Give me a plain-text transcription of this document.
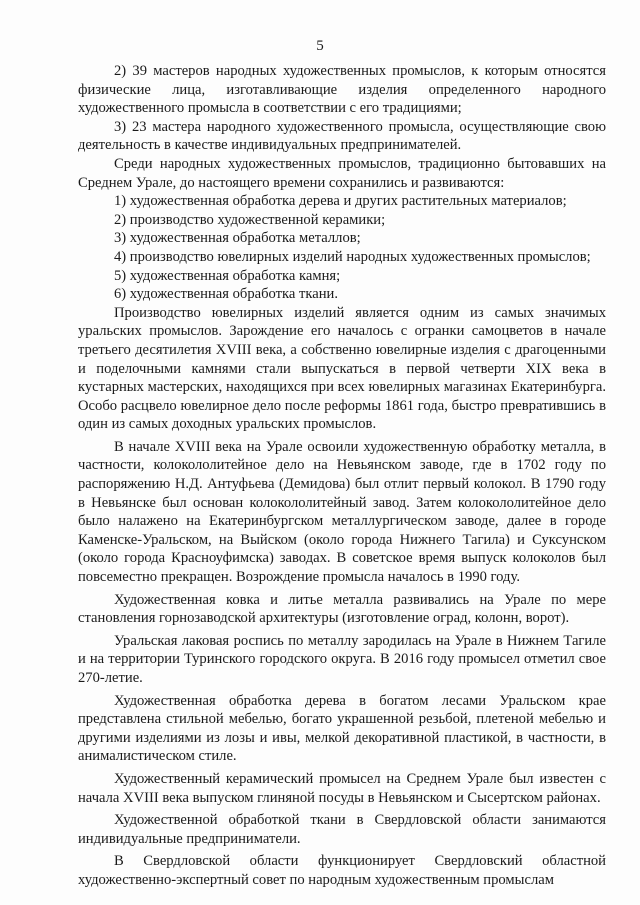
5

2) 39 мастеров народных художественных промыслов, к которым относятся физические лица, изготавливающие изделия определенного народного художественного промысла в соответствии с его традициями;

3) 23 мастера народного художественного промысла, осуществляющие свою деятельность в качестве индивидуальных предпринимателей.

Среди народных художественных промыслов, традиционно бытовавших на Среднем Урале, до настоящего времени сохранились и развиваются:

1) художественная обработка дерева и других растительных материалов;

2) производство художественной керамики;

3) художественная обработка металлов;

4) производство ювелирных изделий народных художественных промыслов;

5) художественная обработка камня;

6) художественная обработка ткани.

Производство ювелирных изделий является одним из самых значимых уральских промыслов. Зарождение его началось с огранки самоцветов в начале третьего десятилетия XVIII века, а собственно ювелирные изделия с драгоценными и поделочными камнями стали выпускаться в первой четверти XIX века в кустарных мастерских, находящихся при всех ювелирных магазинах Екатеринбурга. Особо расцвело ювелирное дело после реформы 1861 года, быстро превратившись в один из самых доходных уральских промыслов.

В начале XVIII века на Урале освоили художественную обработку металла, в частности, колокололитейное дело на Невьянском заводе, где в 1702 году по распоряжению Н.Д. Антуфьева (Демидова) был отлит первый колокол. В 1790 году в Невьянске был основан колокололитейный завод. Затем колокололитейное дело было налажено на Екатеринбургском металлургическом заводе, далее в городе Каменске-Уральском, на Выйском (около города Нижнего Тагила) и Суксунском (около города Красноуфимска) заводах. В советское время выпуск колоколов был повсеместно прекращен. Возрождение промысла началось в 1990 году.

Художественная ковка и литье металла развивались на Урале по мере становления горнозаводской архитектуры (изготовление оград, колонн, ворот).

Уральская лаковая роспись по металлу зародилась на Урале в Нижнем Тагиле и на территории Туринского городского округа. В 2016 году промысел отметил свое 270-летие.

Художественная обработка дерева в богатом лесами Уральском крае представлена стильной мебелью, богато украшенной резьбой, плетеной мебелью и другими изделиями из лозы и ивы, мелкой декоративной пластикой, в частности, в анималистическом стиле.

Художественный керамический промысел на Среднем Урале был известен с начала XVIII века выпуском глиняной посуды в Невьянском и Сысертском районах.

Художественной обработкой ткани в Свердловской области занимаются индивидуальные предприниматели.

В Свердловской области функционирует Свердловский областной художественно-экспертный совет по народным художественным промыслам
